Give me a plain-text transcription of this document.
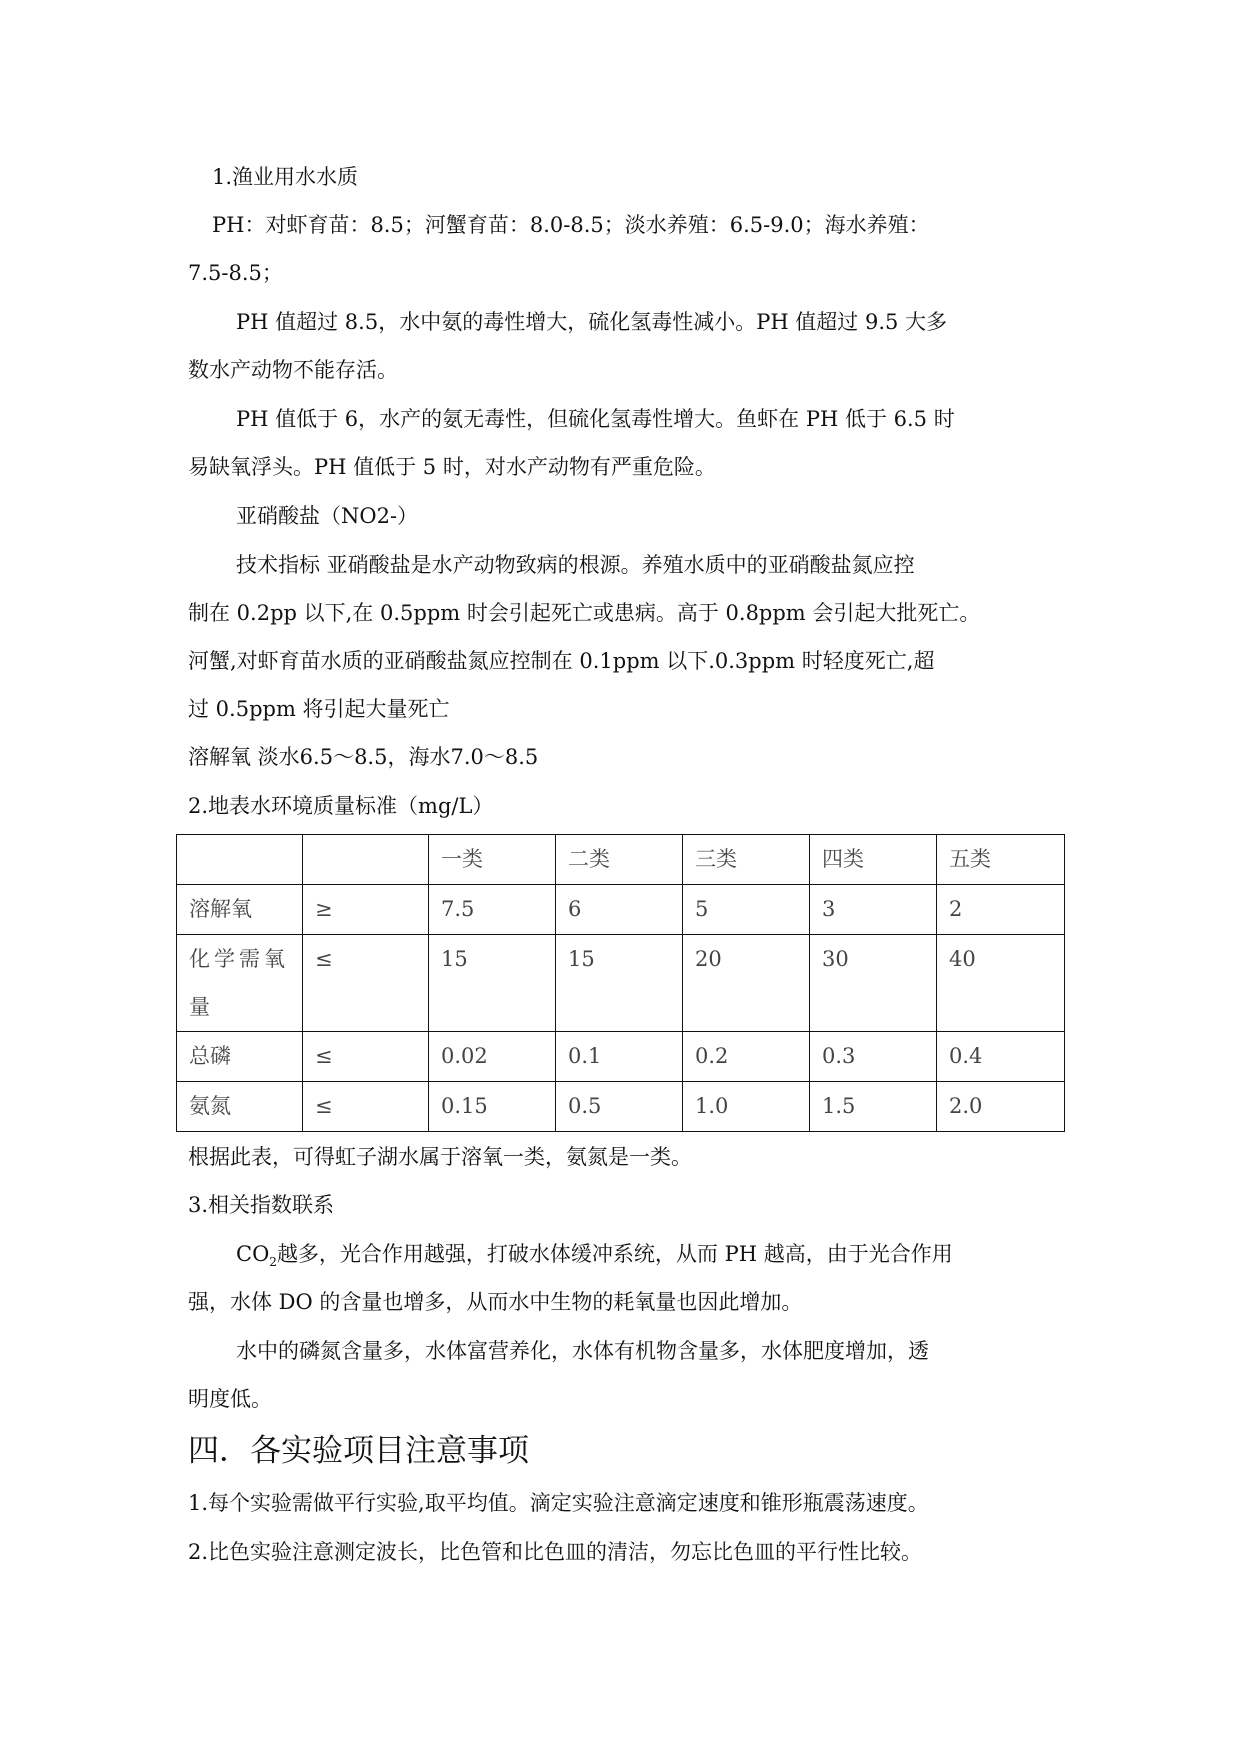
1.渔业用水水质
PH：对虾育苗：8.5；河蟹育苗：8.0-8.5；淡水养殖：6.5-9.0；海水养殖：
7.5-8.5；
PH 值超过 8.5，水中氨的毒性增大，硫化氢毒性减小。PH 值超过 9.5 大多
数水产动物不能存活。
PH 值低于 6，水产的氨无毒性，但硫化氢毒性增大。鱼虾在 PH 低于 6.5 时
易缺氧浮头。PH 值低于 5 时，对水产动物有严重危险。
亚硝酸盐（NO2-）
技术指标 亚硝酸盐是水产动物致病的根源。养殖水质中的亚硝酸盐氮应控
制在 0.2pp 以下,在 0.5ppm 时会引起死亡或患病。高于 0.8ppm 会引起大批死亡。
河蟹,对虾育苗水质的亚硝酸盐氮应控制在 0.1ppm 以下.0.3ppm 时轻度死亡,超
过 0.5ppm 将引起大量死亡
溶解氧 淡水6.5～8.5，海水7.0～8.5
2.地表水环境质量标准（mg/L）
		一类	二类	三类	四类	五类
溶解氧	≥	7.5	6	5	3	2

化学需氧
量	≤	15	15	20	30	40
总磷	≤	0.02	0.1	0.2	0.3	0.4
氨氮	≤	0.15	0.5	1.0	1.5	2.0
根据此表，可得虹子湖水属于溶氧一类，氨氮是一类。
3.相关指数联系
$CO_2$越多，光合作用越强，打破水体缓冲系统，从而 PH 越高，由于光合作用
强，水体 DO 的含量也增多，从而水中生物的耗氧量也因此增加。
水中的磷氮含量多，水体富营养化，水体有机物含量多，水体肥度增加，透
明度低。
四．各实验项目注意事项
1.每个实验需做平行实验,取平均值。滴定实验注意滴定速度和锥形瓶震荡速度。
2.比色实验注意测定波长，比色管和比色皿的清洁，勿忘比色皿的平行性比较。
